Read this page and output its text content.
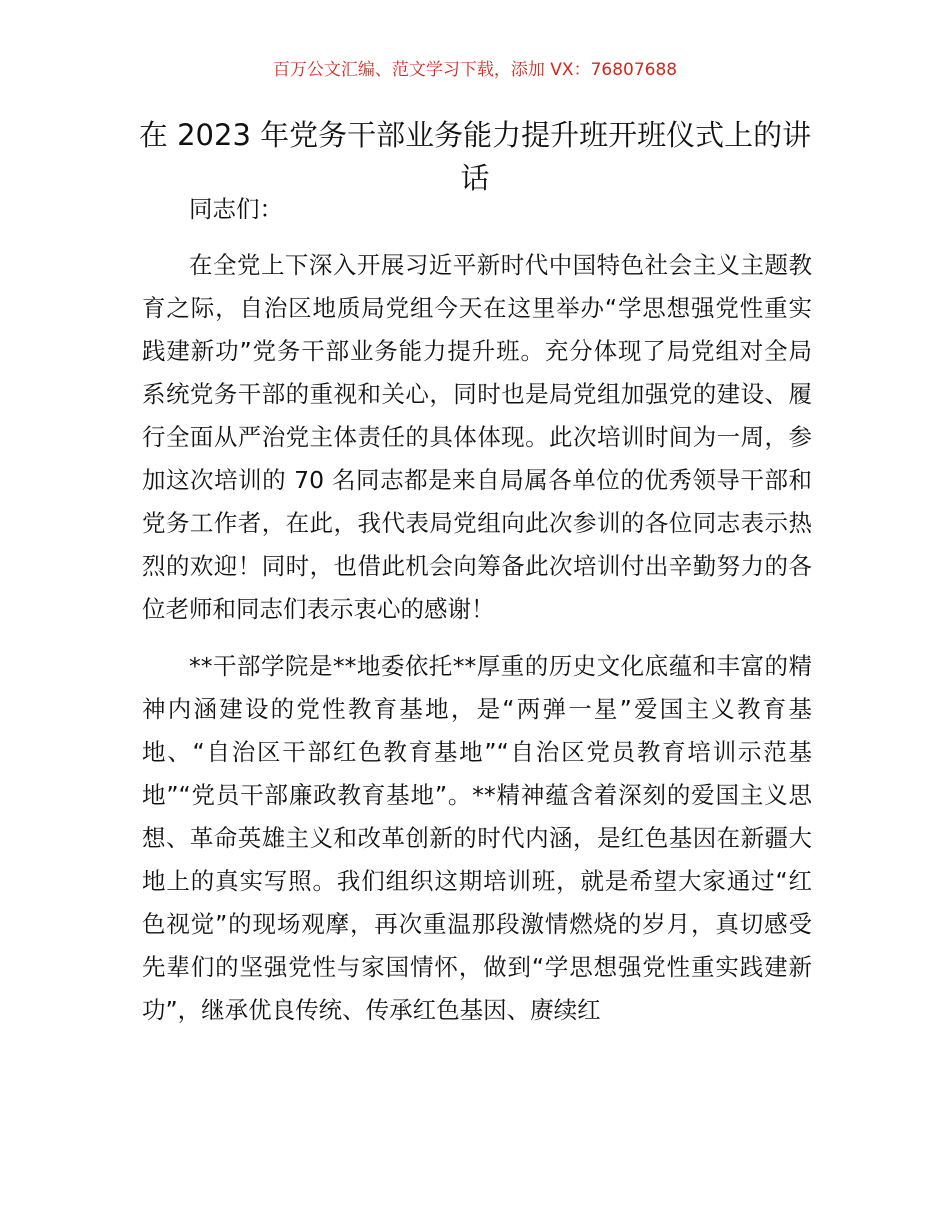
百万公文汇编、范文学习下载，添加 VX：76807688
在 2023 年党务干部业务能力提升班开班仪式上的讲话

同志们：

在全党上下深入开展习近平新时代中国特色社会主义主题教育之际，自治区地质局党组今天在这里举办“学思想强党性重实践建新功”党务干部业务能力提升班。充分体现了局党组对全局系统党务干部的重视和关心，同时也是局党组加强党的建设、履行全面从严治党主体责任的具体体现。此次培训时间为一周，参加这次培训的 70 名同志都是来自局属各单位的优秀领导干部和党务工作者，在此，我代表局党组向此次参训的各位同志表示热烈的欢迎！同时，也借此机会向筹备此次培训付出辛勤努力的各位老师和同志们表示衷心的感谢！

**干部学院是**地委依托**厚重的历史文化底蕴和丰富的精神内涵建设的党性教育基地，是“两弹一星”爱国主义教育基地、“自治区干部红色教育基地”“自治区党员教育培训示范基地”“党员干部廉政教育基地”。**精神蕴含着深刻的爱国主义思想、革命英雄主义和改革创新的时代内涵，是红色基因在新疆大地上的真实写照。我们组织这期培训班，就是希望大家通过“红色视觉”的现场观摩，再次重温那段激情燃烧的岁月，真切感受先辈们的坚强党性与家国情怀，做到“学思想强党性重实践建新功”，继承优良传统、传承红色基因、赓续红
